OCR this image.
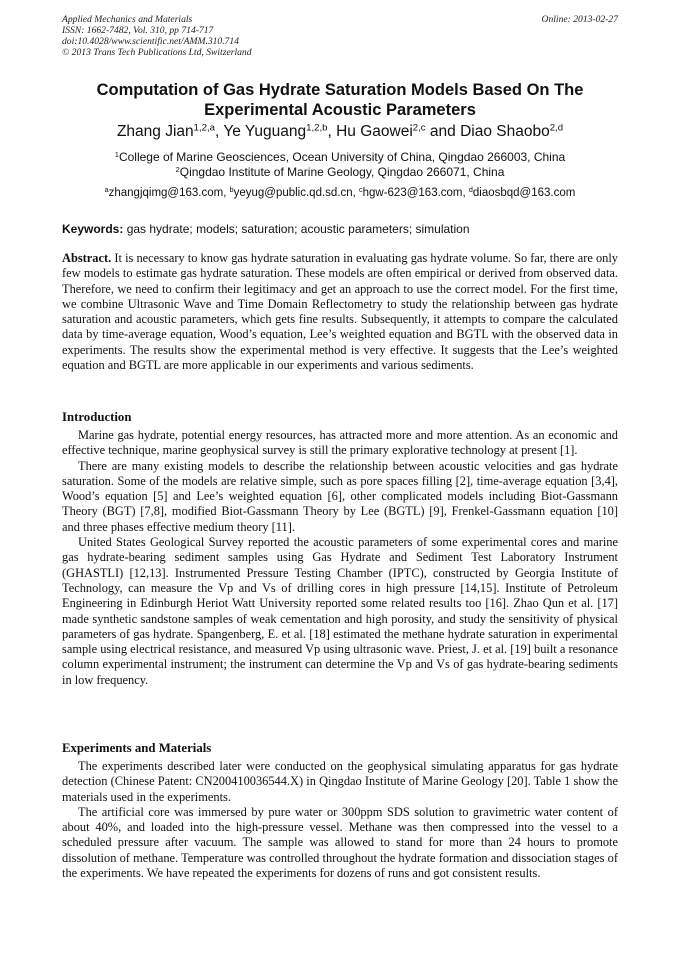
Applied Mechanics and Materials
ISSN: 1662-7482, Vol. 310, pp 714-717
doi:10.4028/www.scientific.net/AMM.310.714
© 2013 Trans Tech Publications Ltd, Switzerland
Online: 2013-02-27
Computation of Gas Hydrate Saturation Models Based On The Experimental Acoustic Parameters
Zhang Jian$^{1,2,a}$, Ye Yuguang$^{1,2,b}$, Hu Gaowei$^{2,c}$ and Diao Shaobo$^{2,d}$
$^1$College of Marine Geosciences, Ocean University of China, Qingdao 266003, China
$^2$Qingdao Institute of Marine Geology, Qingdao 266071, China
$^a$zhangjqimg@163.com, $^b$yeyug@public.qd.sd.cn, $^c$hgw-623@163.com, $^d$diaosbqd@163.com
Keywords: gas hydrate; models; saturation; acoustic parameters; simulation

Abstract. It is necessary to know gas hydrate saturation in evaluating gas hydrate volume. So far, there are only few models to estimate gas hydrate saturation. These models are often empirical or derived from observed data. Therefore, we need to confirm their legitimacy and get an approach to use the correct model. For the first time, we combine Ultrasonic Wave and Time Domain Reflectometry to study the relationship between gas hydrate saturation and acoustic parameters, which gets fine results. Subsequently, it attempts to compare the calculated data by time-average equation, Wood’s equation, Lee’s weighted equation and BGTL with the observed data in experiments. The results show the experimental method is very effective. It suggests that the Lee’s weighted equation and BGTL are more applicable in our experiments and various sediments.

Introduction

Marine gas hydrate, potential energy resources, has attracted more and more attention. As an economic and effective technique, marine geophysical survey is still the primary explorative technology at present [1].

There are many existing models to describe the relationship between acoustic velocities and gas hydrate saturation. Some of the models are relative simple, such as pore spaces filling [2], time-average equation [3,4], Wood’s equation [5] and Lee’s weighted equation [6], other complicated models including Biot-Gassmann Theory (BGT) [7,8], modified Biot-Gassmann Theory by Lee (BGTL) [9], Frenkel-Gassmann equation [10] and three phases effective medium theory [11].

United States Geological Survey reported the acoustic parameters of some experimental cores and marine gas hydrate-bearing sediment samples using Gas Hydrate and Sediment Test Laboratory Instrument (GHASTLI) [12,13]. Instrumented Pressure Testing Chamber (IPTC), constructed by Georgia Institute of Technology, can measure the Vp and Vs of drilling cores in high pressure [14,15]. Institute of Petroleum Engineering in Edinburgh Heriot Watt University reported some related results too [16]. Zhao Qun et al. [17] made synthetic sandstone samples of weak cementation and high porosity, and study the sensitivity of physical parameters of gas hydrate. Spangenberg, E. et al. [18] estimated the methane hydrate saturation in experimental sample using electrical resistance, and measured Vp using ultrasonic wave. Priest, J. et al. [19] built a resonance column experimental instrument; the instrument can determine the Vp and Vs of gas hydrate-bearing sediments in low frequency.

Experiments and Materials

The experiments described later were conducted on the geophysical simulating apparatus for gas hydrate detection (Chinese Patent: CN200410036544.X) in Qingdao Institute of Marine Geology [20]. Table 1 show the materials used in the experiments.

The artificial core was immersed by pure water or 300ppm SDS solution to gravimetric water content of about 40%, and loaded into the high-pressure vessel. Methane was then compressed into the vessel to a scheduled pressure after vacuum. The sample was allowed to stand for more than 24 hours to promote dissolution of methane. Temperature was controlled throughout the hydrate formation and dissociation stages of the experiments. We have repeated the experiments for dozens of runs and got consistent results.
